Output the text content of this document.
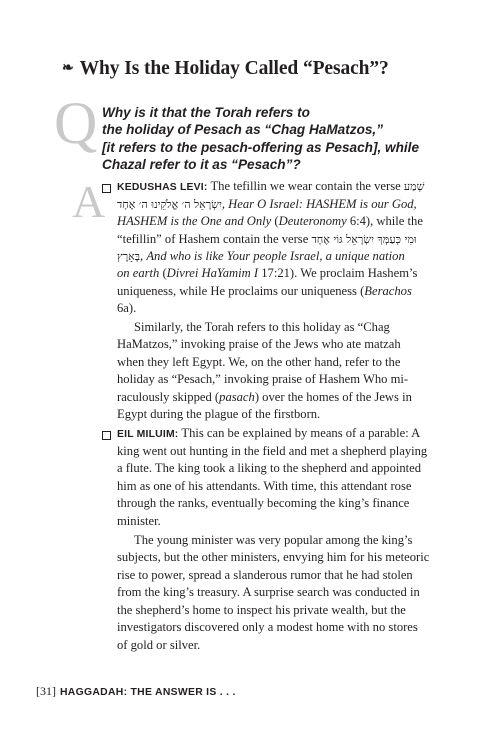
❧ Why Is the Holiday Called “Pesach”?
Q Why is it that the Torah refers to
the holiday of Pesach as “Chag HaMatzos,”
[it refers to the pesach-offering as Pesach], while
Chazal refer to it as “Pesach”?
A KEDUSHAS LEVI: The tefillin we wear contain the verse שְׁמַע
יִשְׂרָאֵל ה׳ אֱלֹקֵינוּ ה׳ אֶחָד, Hear O Israel: HASHEM is our God,
HASHEM is the One and Only (Deuteronomy 6:4), while the
“tefillin” of Hashem contain the verse וּמִי כְּעַמְּךָ יִשְׂרָאֵל גּוֹי אֶחָד
בָּאָרֶץ, And who is like Your people Israel, a unique nation
on earth (Divrei HaYamim I 17:21). We proclaim Hashem’s
uniqueness, while He proclaims our uniqueness (Berachos
6a).
Similarly, the Torah refers to this holiday as “Chag
HaMatzos,” invoking praise of the Jews who ate matzah
when they left Egypt. We, on the other hand, refer to the
holiday as “Pesach,” invoking praise of Hashem Who mi-
raculously skipped (pasach) over the homes of the Jews in
Egypt during the plague of the firstborn.
EIL MILUIM: This can be explained by means of a parable: A
king went out hunting in the field and met a shepherd playing
a flute. The king took a liking to the shepherd and appointed
him as one of his attendants. With time, this attendant rose
through the ranks, eventually becoming the king’s finance
minister.
The young minister was very popular among the king’s
subjects, but the other ministers, envying him for his meteoric
rise to power, spread a slanderous rumor that he had stolen
from the king’s treasury. A surprise search was conducted in
the shepherd’s home to inspect his private wealth, but the
investigators discovered only a modest home with no stores
of gold or silver.
[31] HAGGADAH: THE ANSWER IS . . .
